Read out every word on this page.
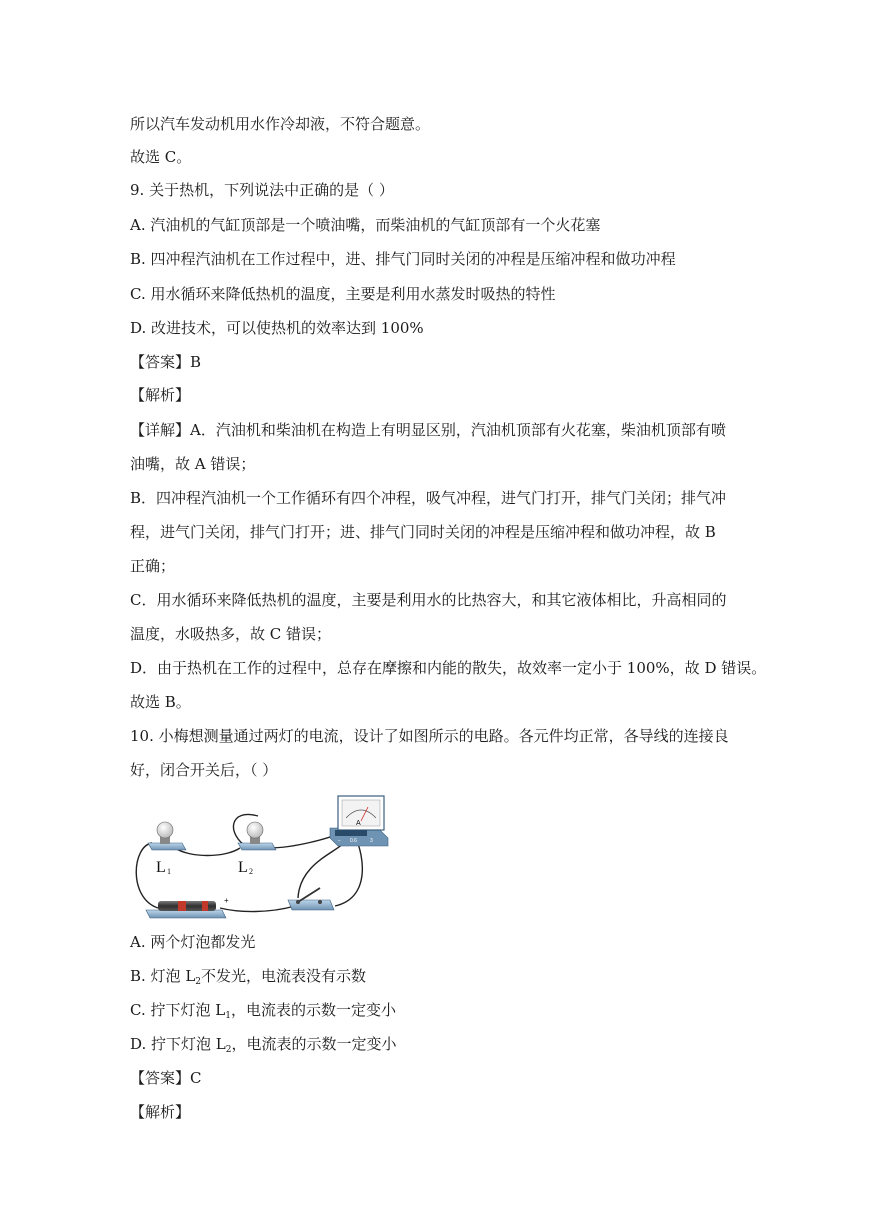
所以汽车发动机用水作冷却液，不符合题意。
故选 C。
9. 关于热机，下列说法中正确的是（ ）
A. 汽油机的气缸顶部是一个喷油嘴，而柴油机的气缸顶部有一个火花塞
B. 四冲程汽油机在工作过程中，进、排气门同时关闭的冲程是压缩冲程和做功冲程
C. 用水循环来降低热机的温度，主要是利用水蒸发时吸热的特性
D. 改进技术，可以使热机的效率达到 100%
【答案】B
【解析】
【详解】A．汽油机和柴油机在构造上有明显区别，汽油机顶部有火花塞，柴油机顶部有喷
油嘴，故 A 错误；
B．四冲程汽油机一个工作循环有四个冲程，吸气冲程，进气门打开，排气门关闭；排气冲
程，进气门关闭，排气门打开；进、排气门同时关闭的冲程是压缩冲程和做功冲程，故 B
正确；
C．用水循环来降低热机的温度，主要是利用水的比热容大，和其它液体相比，升高相同的
温度，水吸热多，故 C 错误；
D．由于热机在工作的过程中，总存在摩擦和内能的散失，故效率一定小于 100%，故 D 错误。
故选 B。
10. 小梅想测量通过两灯的电流，设计了如图所示的电路。各元件均正常，各导线的连接良
好，闭合开关后，（ ）
L 1	L 2
A
− 0.6	3
+
A. 两个灯泡都发光
B. 灯泡 $L_2$不发光，电流表没有示数
C. 拧下灯泡 $L_1$，电流表的示数一定变小
D. 拧下灯泡 $L_2$，电流表的示数一定变小
【答案】C
【解析】
